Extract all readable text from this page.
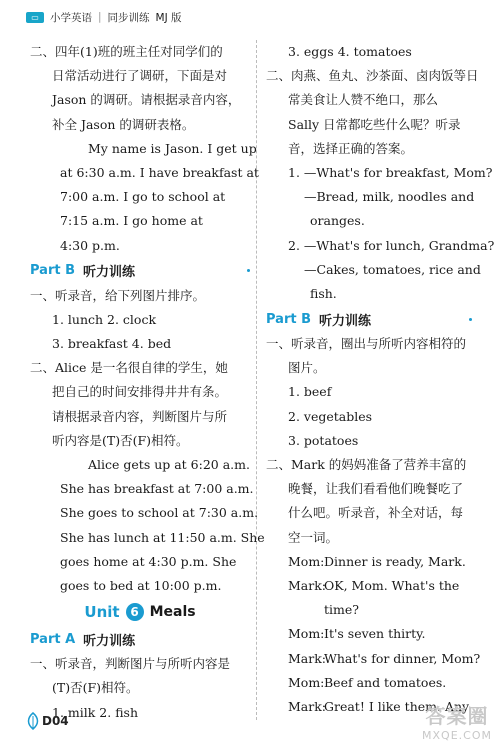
▭	小学英语 | 同步训练 MJ 版
二、四年(1)班的班主任对同学们的
日常活动进行了调研，下面是对
Jason 的调研。请根据录音内容，
补全 Jason 的调研表格。
My name is Jason. I get up
at 6:30 a.m. I have breakfast at
7:00 a.m. I go to school at
7:15 a.m. I go home at
4:30 p.m.
Part B 听力训练
一、听录音，给下列图片排序。
1. lunch 2. clock
3. breakfast 4. bed
二、Alice 是一名很自律的学生，她
把自己的时间安排得井井有条。
请根据录音内容，判断图片与所
听内容是(T)否(F)相符。
Alice gets up at 6:20 a.m.
She has breakfast at 7:00 a.m.
She goes to school at 7:30 a.m.
She has lunch at 11:50 a.m. She
goes home at 4:30 p.m. She
goes to bed at 10:00 p.m.
Unit 6 Meals
Part A 听力训练
一、听录音，判断图片与所听内容是
(T)否(F)相符。
1. milk 2. fish
3. eggs 4. tomatoes
二、肉燕、鱼丸、沙茶面、卤肉饭等日
常美食让人赞不绝口，那么
Sally 日常都吃些什么呢？听录
音，选择正确的答案。
1. —What's for breakfast, Mom?
—Bread, milk, noodles and
oranges.
2. —What's for lunch, Grandma?
—Cakes, tomatoes, rice and
fish.
Part B 听力训练
一、听录音，圈出与所听内容相符的
图片。
1. beef
2. vegetables
3. potatoes
二、Mark 的妈妈准备了营养丰富的
晚餐，让我们看看他们晚餐吃了
什么吧。听录音，补全对话，每
空一词。
Mom: Dinner is ready, Mark.
Mark:
OK, Mom. What's the
time?
Mom: It's seven thirty.
Mark:
What's for dinner, Mom?
Mom: Beef and tomatoes.
Mark:
Great! I like them. Any
D04	答案圈
MXQE.COM
